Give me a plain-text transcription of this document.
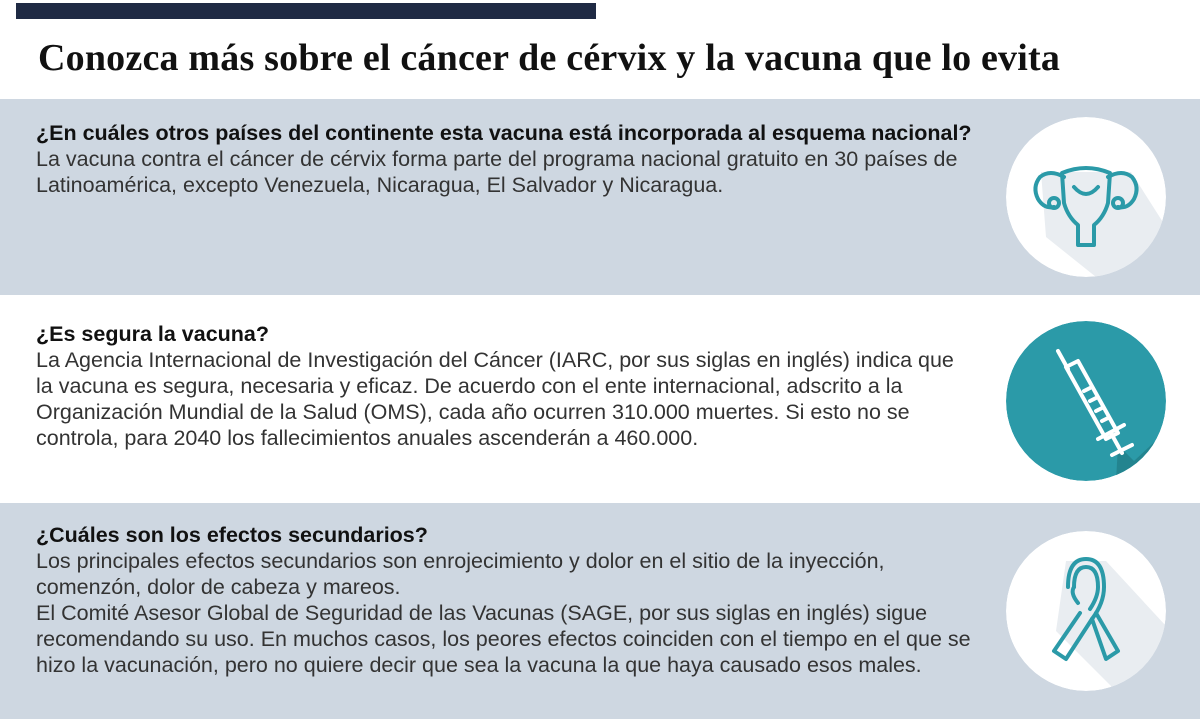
Conozca más sobre el cáncer de cérvix y la vacuna que lo evita
¿En cuáles otros países del continente esta vacuna está incorporada al esquema nacional?
La vacuna contra el cáncer de cérvix forma parte del programa nacional gratuito en 30 países de Latinoamérica, excepto Venezuela, Nicaragua, El Salvador y Nicaragua.
¿Es segura la vacuna?
La Agencia Internacional de Investigación del Cáncer (IARC, por sus siglas en inglés) indica que la vacuna es segura, necesaria y eficaz. De acuerdo con el ente internacional, adscrito a la Organización Mundial de la Salud (OMS), cada año ocurren 310.000 muertes. Si esto no se controla, para 2040 los fallecimientos anuales ascenderán a 460.000.
¿Cuáles son los efectos secundarios?
Los principales efectos secundarios son enrojecimiento y dolor en el sitio de la inyección, comenzón, dolor de cabeza y mareos.
El Comité Asesor Global de Seguridad de las Vacunas (SAGE, por sus siglas en inglés) sigue recomendando su uso. En muchos casos, los peores efectos coinciden con el tiempo en el que se hizo la vacunación, pero no quiere decir que sea la vacuna la que haya causado esos males.
